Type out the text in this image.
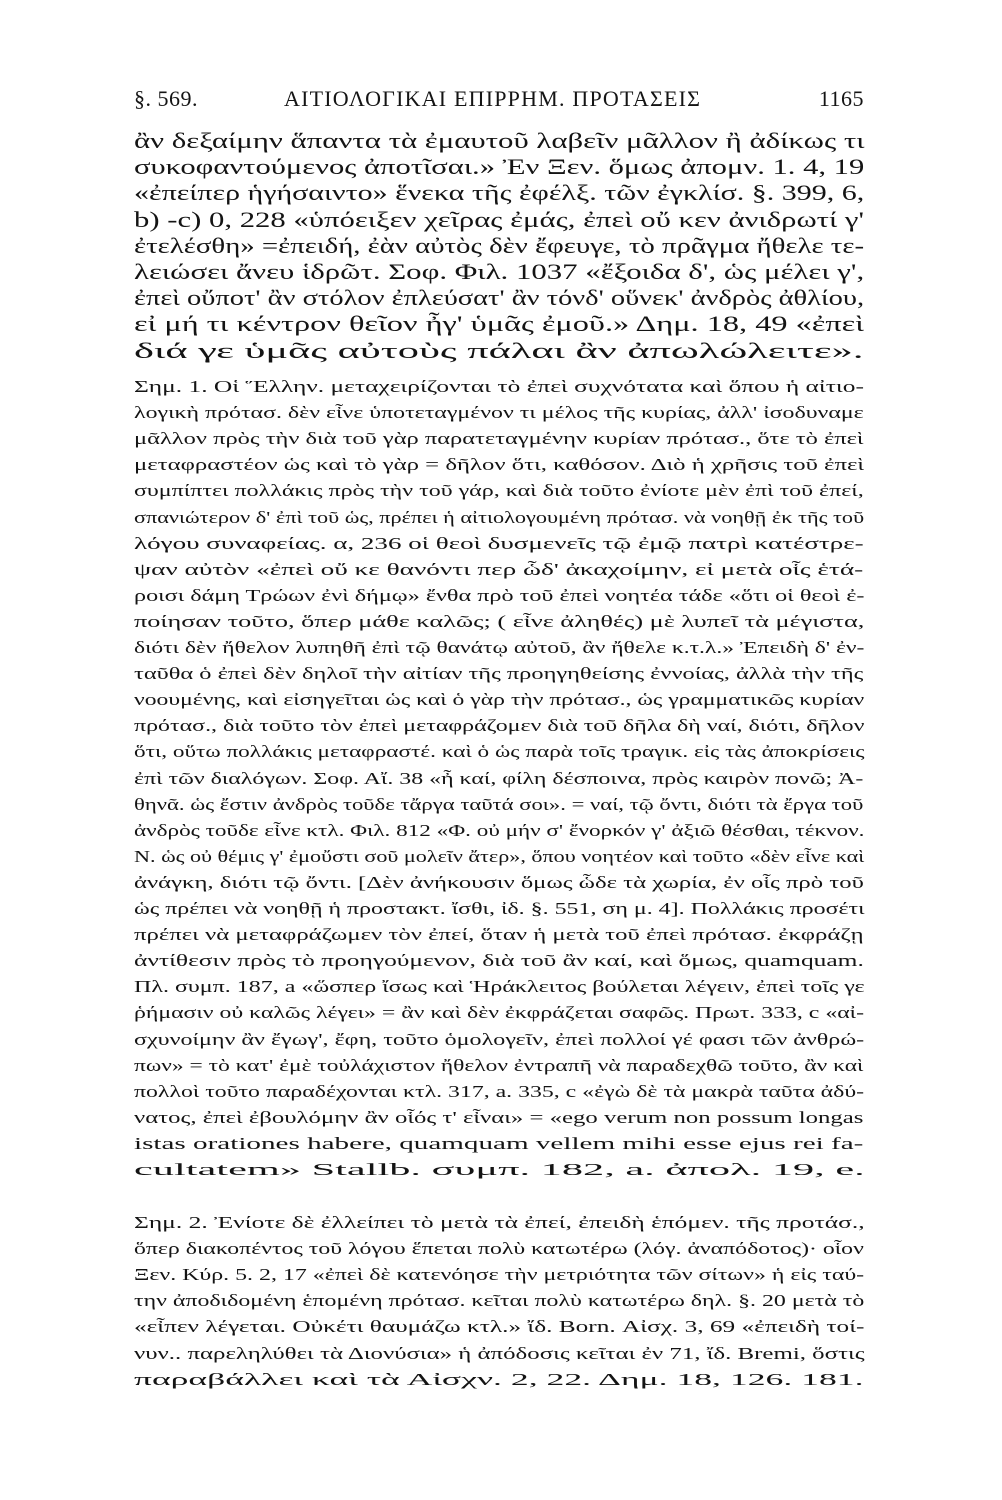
§. 569.	ΑΙΤΙΟΛΟΓΙΚΑΙ ΕΠΙΡΡΗΜ. ΠΡΟΤΑΣΕΙΣ	1165
ἂν δεξαίμην ἅπαντα τὰ ἐμαυτοῦ λαβεῖν μᾶλλον ἢ ἀδίκως τι
συκοφαντούμενος ἀποτῖσαι.» Ἐν Ξεν. ὅμως ἀπομν. 1. 4, 19
«ἐπείπερ ἡγήσαιντο» ἕνεκα τῆς ἐφέλξ. τῶν ἐγκλίσ. §. 399, 6,
b) -c) 0, 228 «ὑπόειξεν χεῖρας ἐμάς, ἐπεὶ οὔ κεν ἀνιδρωτί γ'
ἐτελέσθη» =ἐπειδή, ἐὰν αὐτὸς δὲν ἔφευγε, τὸ πρᾶγμα ἤθελε τε-
λειώσει ἄνευ ἱδρῶτ. Σοφ. Φιλ. 1037 «ἔξοιδα δ', ὡς μέλει γ',
ἐπεὶ οὔποτ' ἂν στόλον ἐπλεύσατ' ἂν τόνδ' οὕνεκ' ἀνδρὸς ἀθλίου,
εἰ μή τι κέντρον θεῖον ἦγ' ὑμᾶς ἐμοῦ.» Δημ. 18, 49 «ἐπεὶ
διά γε ὑμᾶς αὐτοὺς πάλαι ἂν ἀπωλώλειτε».
Σημ. 1. Οἱ Ἕλλην. μεταχειρίζονται τὸ ἐπεὶ συχνότατα καὶ ὅπου ἡ αἰτιο-
λογικὴ πρότασ. δὲν εἶνε ὑποτεταγμένον τι μέλος τῆς κυρίας, ἀλλ' ἰσοδυναμε
μᾶλλον πρὸς τὴν διὰ τοῦ γὰρ παρατεταγμένην κυρίαν πρότασ., ὅτε τὸ ἐπεὶ
μεταφραστέον ὡς καὶ τὸ γὰρ = δῆλον ὅτι, καθόσον. Διὸ ἡ χρῆσις τοῦ ἐπεὶ
συμπίπτει πολλάκις πρὸς τὴν τοῦ γάρ, καὶ διὰ τοῦτο ἐνίοτε μὲν ἐπὶ τοῦ ἐπεί,
σπανιώτερον δ' ἐπὶ τοῦ ὡς, πρέπει ἡ αἰτιολογουμένη πρότασ. νὰ νοηθῇ ἐκ τῆς τοῦ
λόγου συναφείας. α, 236 οἱ θεοὶ δυσμενεῖς τῷ ἐμῷ πατρὶ κατέστρε-
ψαν αὐτὸν «ἐπεὶ οὔ κε θανόντι περ ὧδ' ἀκαχοίμην, εἰ μετὰ οἷς ἑτά-
ροισι δάμη Τρώων ἐνὶ δήμῳ» ἔνθα πρὸ τοῦ ἐπεὶ νοητέα τάδε «ὅτι οἱ θεοὶ ἐ-
ποίησαν τοῦτο, ὅπερ μάθε καλῶς; ( εἶνε ἀληθές) μὲ λυπεῖ τὰ μέγιστα,
διότι δὲν ἤθελον λυπηθῆ ἐπὶ τῷ θανάτῳ αὐτοῦ, ἂν ἤθελε κ.τ.λ.» Ἐπειδὴ δ' ἐν-
ταῦθα ὁ ἐπεὶ δὲν δηλοῖ τὴν αἰτίαν τῆς προηγηθείσης ἐννοίας, ἀλλὰ τὴν τῆς
νοουμένης, καὶ εἰσηγεῖται ὡς καὶ ὁ γὰρ τὴν πρότασ., ὡς γραμματικῶς κυρίαν
πρότασ., διὰ τοῦτο τὸν ἐπεὶ μεταφράζομεν διὰ τοῦ δῆλα δὴ ναί, διότι, δῆλον
ὅτι, οὕτω πολλάκις μεταφραστέ. καὶ ὁ ὡς παρὰ τοῖς τραγικ. εἰς τὰς ἀποκρίσεις
ἐπὶ τῶν διαλόγων. Σοφ. Αἴ. 38 «ἦ καί, φίλη δέσποινα, πρὸς καιρὸν πονῶ; Ἀ-
θηνᾶ. ὡς ἔστιν ἀνδρὸς τοῦδε τἄργα ταῦτά σοι». = ναί, τῷ ὄντι, διότι τὰ ἔργα τοῦ
ἀνδρὸς τοῦδε εἶνε κτλ. Φιλ. 812 «Φ. οὐ μήν σ' ἔνορκόν γ' ἀξιῶ θέσθαι, τέκνον.
Ν. ὡς οὐ θέμις γ' ἐμοὔστι σοῦ μολεῖν ἄτερ», ὅπου νοητέον καὶ τοῦτο «δὲν εἶνε καὶ
ἀνάγκη, διότι τῷ ὄντι. [Δὲν ἀνήκουσιν ὅμως ὧδε τὰ χωρία, ἐν οἷς πρὸ τοῦ
ὡς πρέπει νὰ νοηθῇ ἡ προστακτ. ἴσθι, ἰδ. §. 551, ση μ. 4]. Πολλάκις προσέτι
πρέπει νὰ μεταφράζωμεν τὸν ἐπεί, ὅταν ἡ μετὰ τοῦ ἐπεὶ πρότασ. ἐκφράζῃ
ἀντίθεσιν πρὸς τὸ προηγούμενον, διὰ τοῦ ἂν καί, καὶ ὅμως, quamquam.
Πλ. συμπ. 187, a «ὥσπερ ἴσως καὶ Ἡράκλειτος βούλεται λέγειν, ἐπεὶ τοῖς γε
ῥήμασιν οὐ καλῶς λέγει» = ἂν καὶ δὲν ἐκφράζεται σαφῶς. Πρωτ. 333, c «αἰ-
σχυνοίμην ἂν ἔγωγ', ἔφη, τοῦτο ὁμολογεῖν, ἐπεὶ πολλοί γέ φασι τῶν ἀνθρώ-
πων» = τὸ κατ' ἐμὲ τοὐλάχιστον ἤθελον ἐντραπῆ νὰ παραδεχθῶ τοῦτο, ἂν καὶ
πολλοὶ τοῦτο παραδέχονται κτλ. 317, a. 335, c «ἐγὼ δὲ τὰ μακρὰ ταῦτα ἀδύ-
νατος, ἐπεὶ ἐβουλόμην ἂν οἷός τ' εἶναι» = «ego verum non possum longas
istas orationes habere, quamquam vellem mihi esse ejus rei fa-
cultatem» Stallb. συμπ. 182, a. ἀπολ. 19, e.
Σημ. 2. Ἐνίοτε δὲ ἐλλείπει τὸ μετὰ τὰ ἐπεί, ἐπειδὴ ἑπόμεν. τῆς προτάσ.,
ὅπερ διακοπέντος τοῦ λόγου ἕπεται πολὺ κατωτέρω (λόγ. ἀναπόδοτος)· οἷον
Ξεν. Κύρ. 5. 2, 17 «ἐπεὶ δὲ κατενόησε τὴν μετριότητα τῶν σίτων» ἡ εἰς ταύ-
την ἀποδιδομένη ἑπομένη πρότασ. κεῖται πολὺ κατωτέρω δηλ. §. 20 μετὰ τὸ
«εἶπεν λέγεται. Οὐκέτι θαυμάζω κτλ.» ἴδ. Born. Αἰσχ. 3, 69 «ἐπειδὴ τοί-
νυν.. παρεληλύθει τὰ Διονύσια» ἡ ἀπόδοσις κεῖται ἐν 71, ἴδ. Bremi, ὅστις
παραβάλλει καὶ τὰ Αἰσχν. 2, 22. Δημ. 18, 126. 181.
